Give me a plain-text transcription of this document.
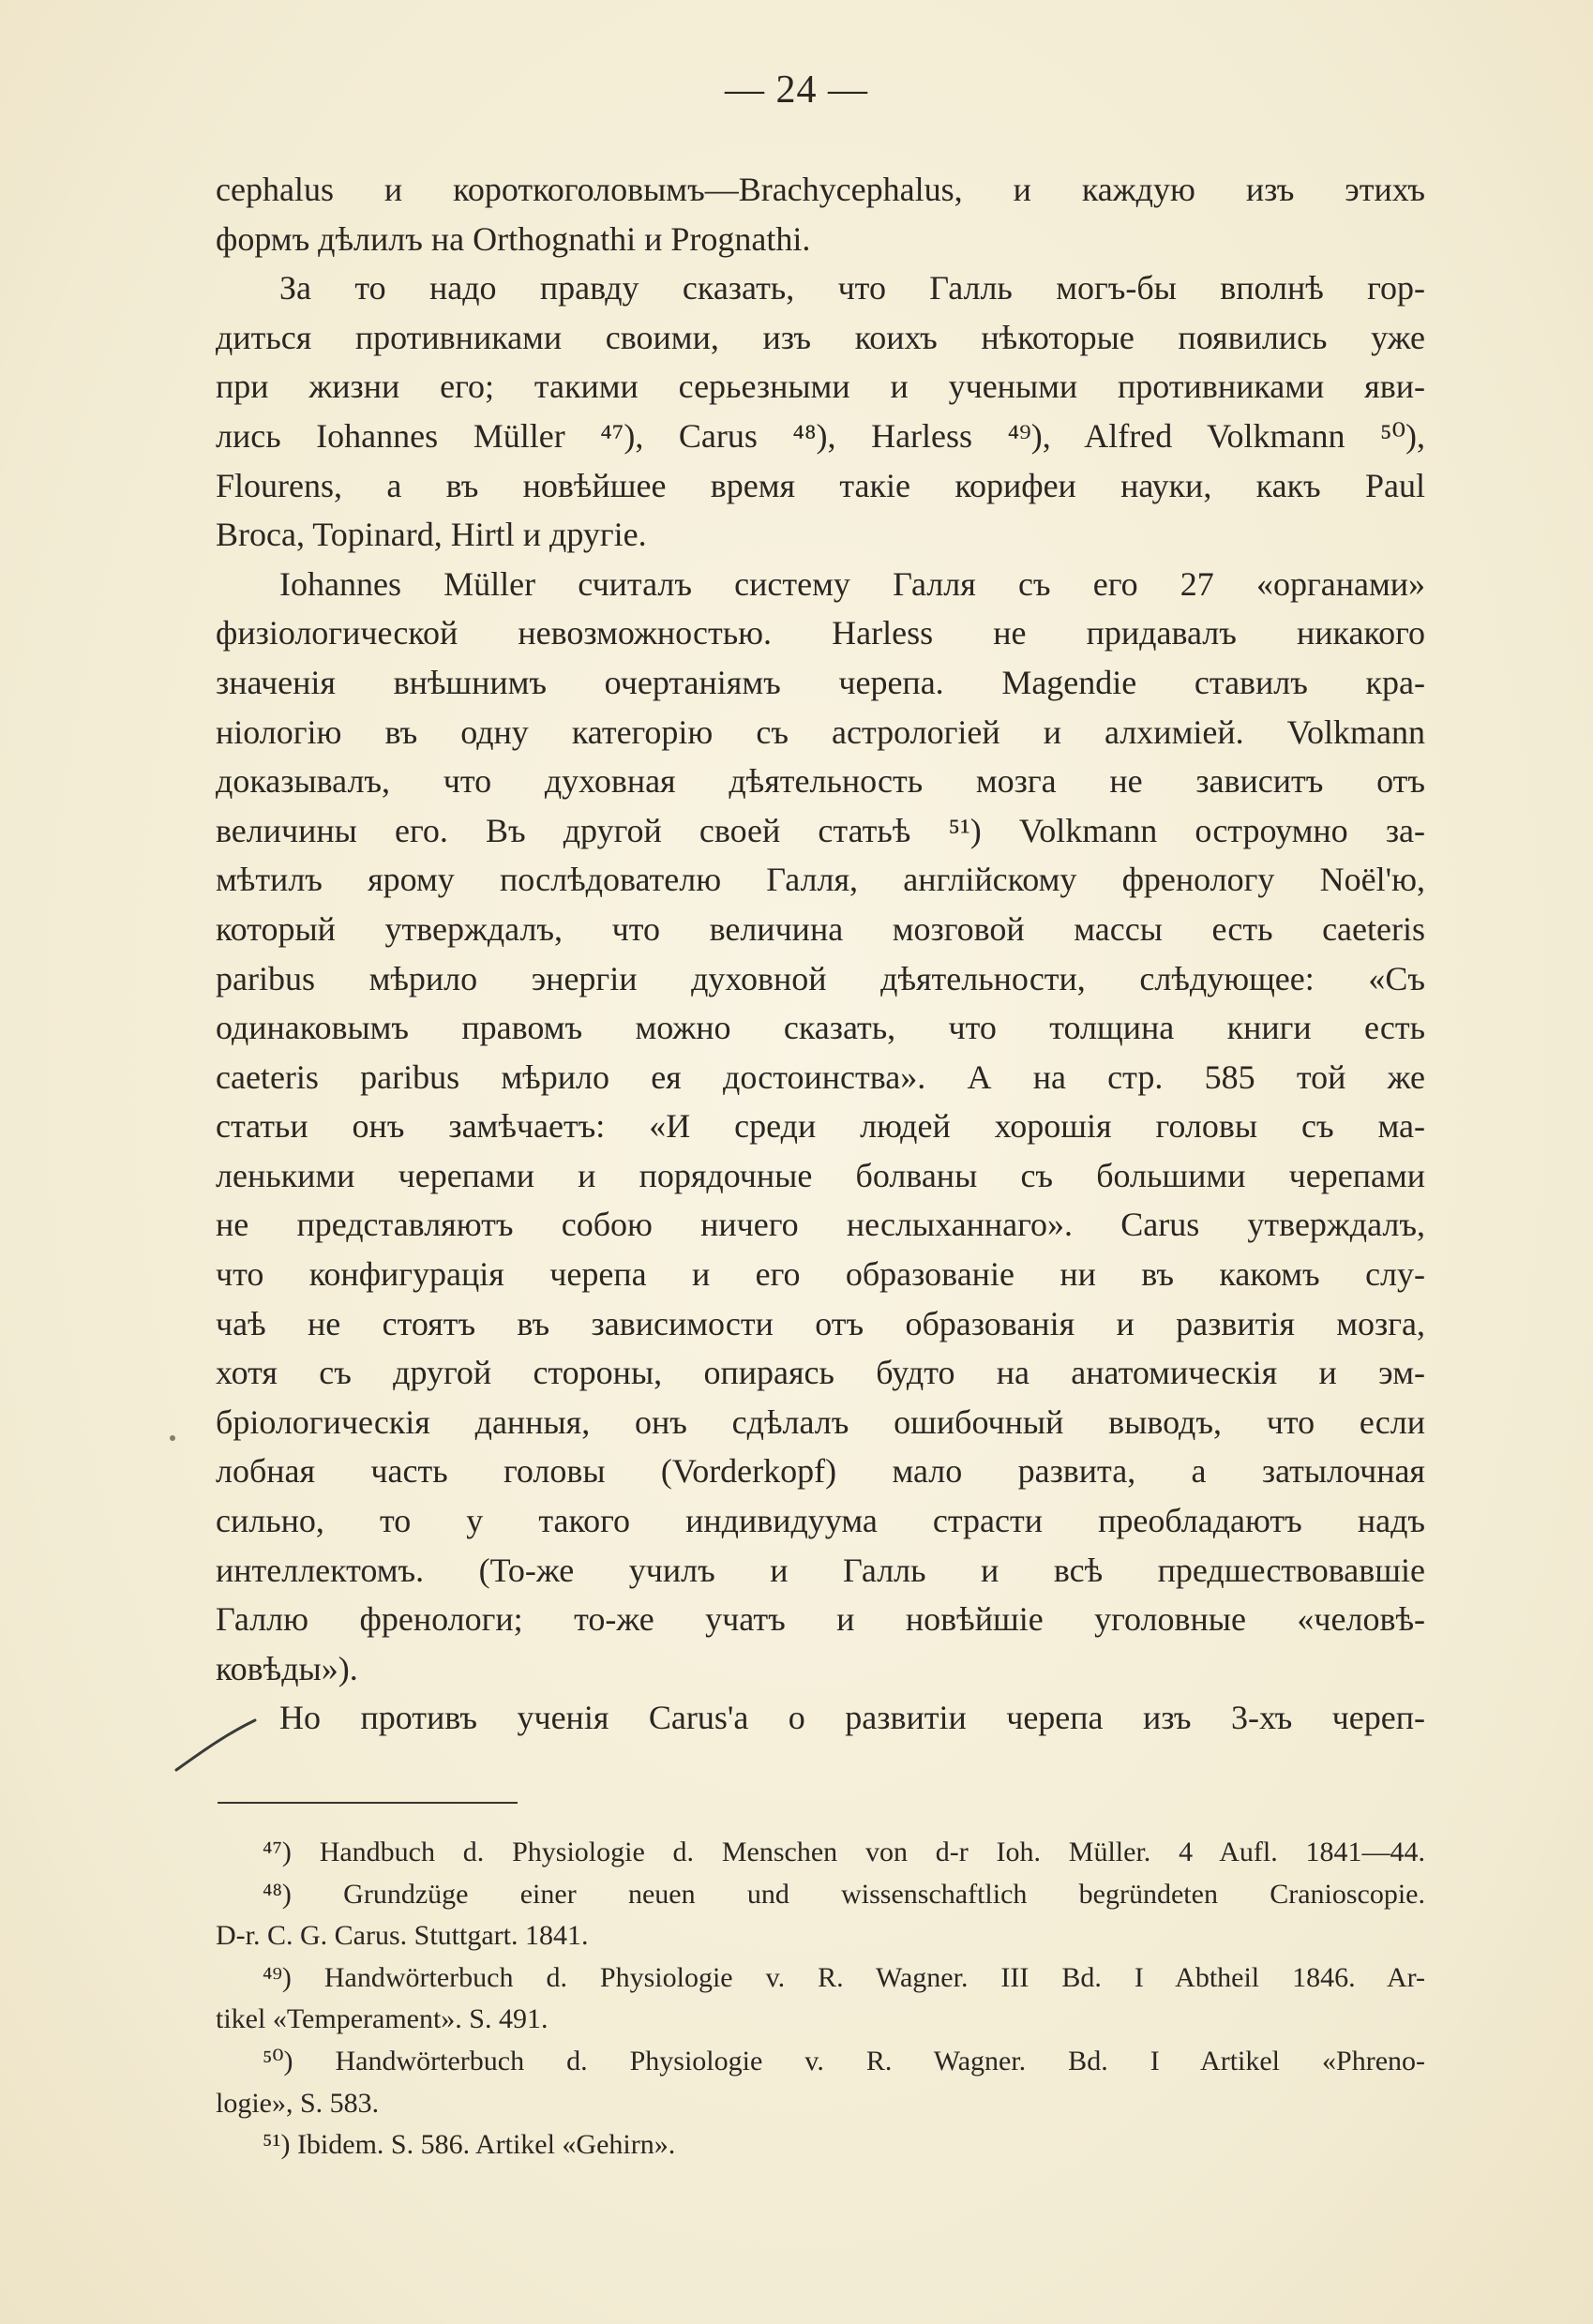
— 24 —
cephalus и короткоголовымъ—Brachycephalus, и каждую изъ этихъ
формъ дѣлилъ на Orthognathi и Prognathi.
За то надо правду сказать, что Галль могъ-бы вполнѣ гор-
диться противниками своими, изъ коихъ нѣкоторые появились уже
при жизни его; такими серьезными и учеными противниками яви-
лись Iohannes Müller ⁴⁷), Carus ⁴⁸), Harless ⁴⁹), Alfred Volkmann ⁵⁰),
Flourens, а въ новѣйшее время такіе корифеи науки, какъ Paul
Broca, Topinard, Hirtl и другіе.
Iohannes Müller считалъ систему Галля съ его 27 «органами»
физіологической невозможностью. Harless не придавалъ никакого
значенія внѣшнимъ очертаніямъ черепа. Magendie ставилъ кра-
ніологію въ одну категорію съ астрологіей и алхиміей. Volkmann
доказывалъ, что духовная дѣятельность мозга не зависитъ отъ
величины его. Въ другой своей статьѣ ⁵¹) Volkmann остроумно за-
мѣтилъ ярому послѣдователю Галля, англійскому френологу Noël'ю,
который утверждалъ, что величина мозговой массы есть caeteris
paribus мѣрило энергіи духовной дѣятельности, слѣдующее: «Съ
одинаковымъ правомъ можно сказать, что толщина книги есть
caeteris paribus мѣрило ея достоинства». А на стр. 585 той же
статьи онъ замѣчаетъ: «И среди людей хорошія головы съ ма-
ленькими черепами и порядочные болваны съ большими черепами
не представляютъ собою ничего неслыханнаго». Carus утверждалъ,
что конфигурація черепа и его образованіе ни въ какомъ слу-
чаѣ не стоятъ въ зависимости отъ образованія и развитія мозга,
хотя съ другой стороны, опираясь будто на анатомическія и эм-
бріологическія данныя, онъ сдѣлалъ ошибочный выводъ, что если
лобная часть головы (Vorderkopf) мало развита, а затылочная
сильно, то у такого индивидуума страсти преобладаютъ надъ
интеллектомъ. (То-же училъ и Галль и всѣ предшествовавшіе
Галлю френологи; то-же учатъ и новѣйшіе уголовные «человѣ-
ковѣды»).
Но противъ ученія Carus'a о развитіи черепа изъ 3-хъ череп-
⁴⁷) Handbuch d. Physiologie d. Menschen von d-r Ioh. Müller. 4 Aufl. 1841—44.
⁴⁸) Grundzüge einer neuen und wissenschaftlich begründeten Cranioscopie.
D-r. C. G. Carus. Stuttgart. 1841.
⁴⁹) Handwörterbuch d. Physiologie v. R. Wagner. III Bd. I Abtheil 1846. Ar-
tikel «Temperament». S. 491.
⁵⁰) Handwörterbuch d. Physiologie v. R. Wagner. Bd. I Artikel «Phreno-
logie», S. 583.
⁵¹) Ibidem. S. 586. Artikel «Gehirn».
